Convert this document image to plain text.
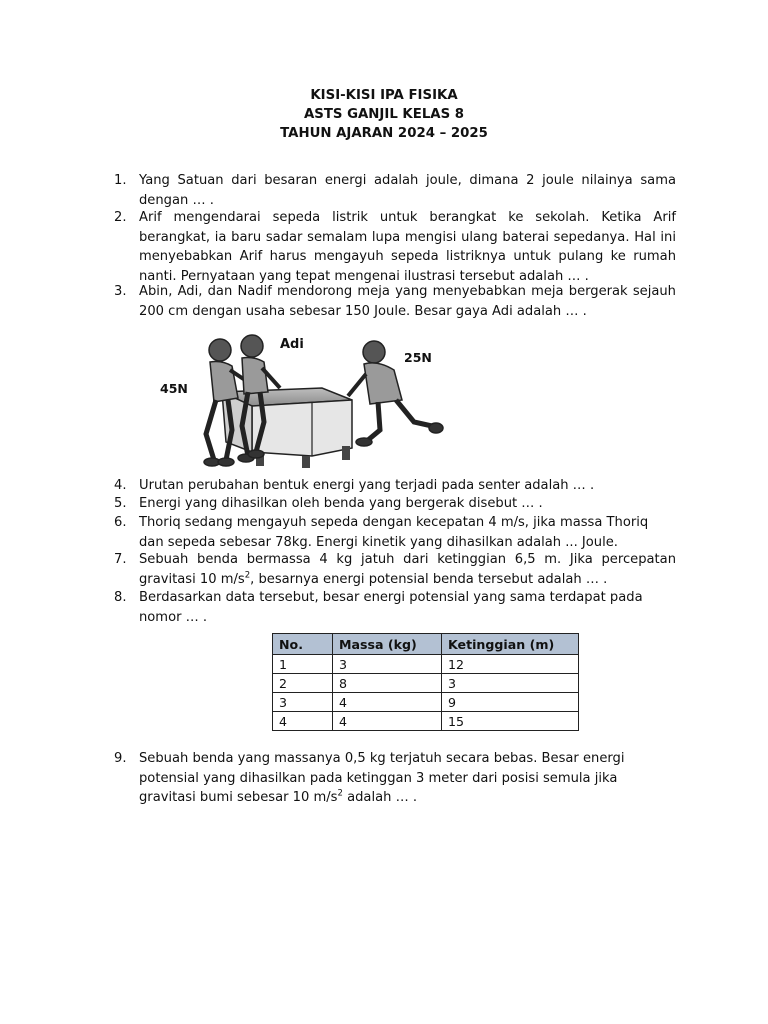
KISI-KISI IPA FISIKA
ASTS GANJIL KELAS 8
TAHUN AJARAN 2024 – 2025
1. Yang Satuan dari besaran energi adalah joule, dimana 2 joule nilainya sama dengan … .
2. Arif mengendarai sepeda listrik untuk berangkat ke sekolah. Ketika Arif berangkat, ia baru sadar semalam lupa mengisi ulang baterai sepedanya. Hal ini menyebabkan Arif harus mengayuh sepeda listriknya untuk pulang ke rumah nanti. Pernyataan yang tepat mengenai ilustrasi tersebut adalah … .
3. Abin, Adi, dan Nadif mendorong meja yang menyebabkan meja bergerak sejauh 200 cm dengan usaha sebesar 150 Joule. Besar gaya Adi adalah … .
Adi
45N
25N
4. Urutan perubahan bentuk energi yang terjadi pada senter adalah … .
5. Energi yang dihasilkan oleh benda yang bergerak disebut … .
6. Thoriq sedang mengayuh sepeda dengan kecepatan 4 m/s, jika massa Thoriq dan sepeda sebesar 78kg. Energi kinetik yang dihasilkan adalah ... Joule.
7. Sebuah benda bermassa 4 kg jatuh dari ketinggian 6,5 m. Jika percepatan gravitasi 10 $m/s^2$, besarnya energi potensial benda tersebut adalah … .
8. Berdasarkan data tersebut, besar energi potensial yang sama terdapat pada nomor … .
No.	Massa (kg)	Ketinggian (m)
1	3	12
2	8	3
3	4	9
4	4	15
9. Sebuah benda yang massanya 0,5 kg terjatuh secara bebas. Besar energi potensial yang dihasilkan pada ketinggan 3 meter dari posisi semula jika gravitasi bumi sebesar 10 $m/s^2$ adalah … .
